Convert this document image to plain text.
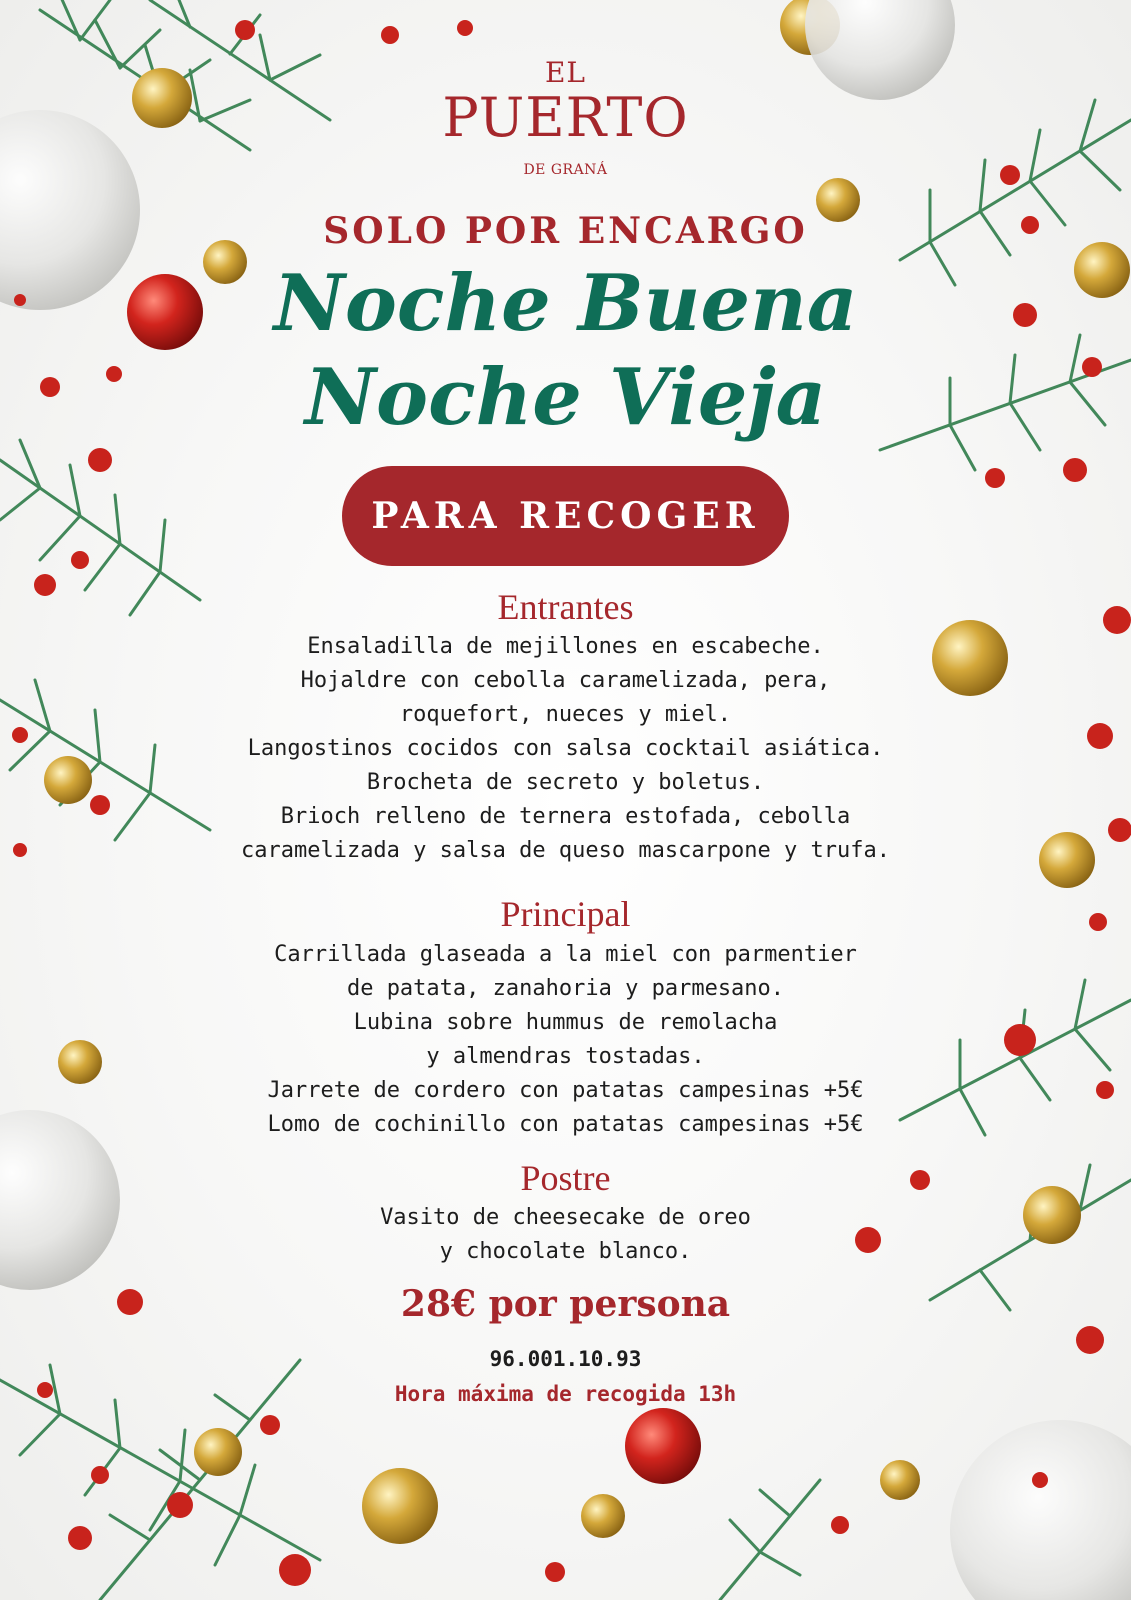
EL
PUERTO
DE GRANÁ
SOLO POR ENCARGO
Noche Buena
Noche Vieja
PARA RECOGER
Entrantes
Ensaladilla de mejillones en escabeche.
Hojaldre con cebolla caramelizada, pera,
roquefort, nueces y miel.
Langostinos cocidos con salsa cocktail asiática.
Brocheta de secreto y boletus.
Brioch relleno de ternera estofada, cebolla
caramelizada y salsa de queso mascarpone y trufa.
Principal
Carrillada glaseada a la miel con parmentier
de patata, zanahoria y parmesano.
Lubina sobre hummus de remolacha
y almendras tostadas.
Jarrete de cordero con patatas campesinas +5€
Lomo de cochinillo con patatas campesinas +5€
Postre
Vasito de cheesecake de oreo
y chocolate blanco.
28€ por persona
96.001.10.93
Hora máxima de recogida 13h
